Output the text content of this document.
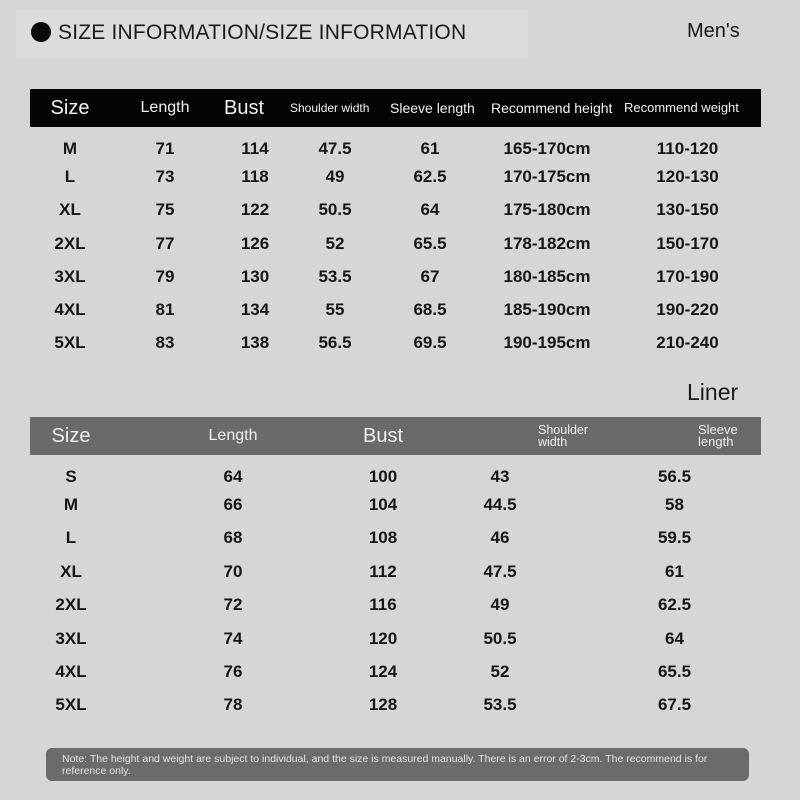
SIZE INFORMATION/SIZE INFORMATION	Men's
Size	Length	Bust	Shoulder width	Sleeve length	Recommend height	Recommend weight
M	71	114	47.5	61	165-170cm	110-120
L	73	118	49	62.5	170-175cm	120-130
XL	75	122	50.5	64	175-180cm	130-150
2XL	77	126	52	65.5	178-182cm	150-170
3XL	79	130	53.5	67	180-185cm	170-190
4XL	81	134	55	68.5	185-190cm	190-220
5XL	83	138	56.5	69.5	190-195cm	210-240
Liner
Size	Length	Bust	Shoulder width	Sleeve length
S	64	100	43	56.5
M	66	104	44.5	58
L	68	108	46	59.5
XL	70	112	47.5	61
2XL	72	116	49	62.5
3XL	74	120	50.5	64
4XL	76	124	52	65.5
5XL	78	128	53.5	67.5
Note: The height and weight are subject to individual, and the size is measured manually. There is an error of 2-3cm. The recommend is for reference only.
